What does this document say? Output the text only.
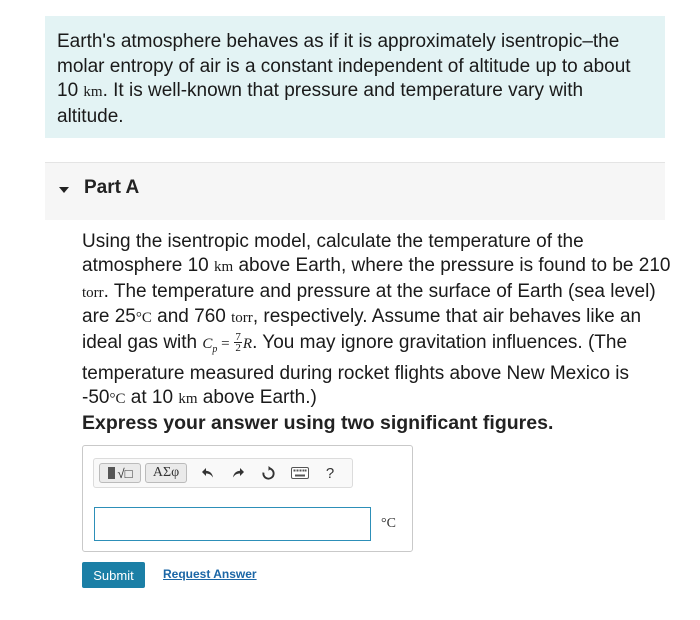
Earth's atmosphere behaves as if it is approximately isentropic–the molar entropy of air is a constant independent of altitude up to about 10 km. It is well-known that pressure and temperature vary with altitude.
Part A
Using the isentropic model, calculate the temperature of the atmosphere 10 km above Earth, where the pressure is found to be 210 torr. The temperature and pressure at the surface of Earth (sea level) are 25°C and 760 torr, respectively. Assume that air behaves like an ideal gas with $C_p = \frac{7}{2} R$. You may ignore gravitation influences. (The temperature measured during rocket flights above New Mexico is -50°C at 10 km above Earth.)
Express your answer using two significant figures.
√□	ΑΣφ	?
°C
Submit	Request Answer
